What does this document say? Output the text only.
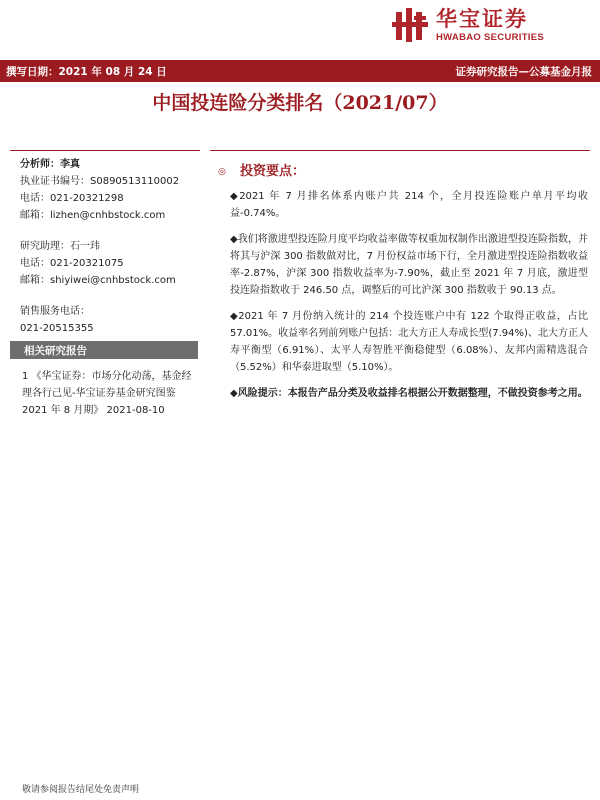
华宝证券
HWABAO SECURITIES
撰写日期：2021 年 08 月 24 日	证券研究报告—公募基金月报
中国投连险分类排名（2021/07）
分析师：李真
执业证书编号：S0890513110002
电话：021-20321298
邮箱：lizhen@cnhbstock.com
研究助理：石一玮
电话：021-20321075
邮箱：shiyiwei@cnhbstock.com
销售服务电话：
021-20515355
相关研究报告
1 《华宝证券：市场分化动荡，基金经理各行己见-华宝证券基金研究图鉴 2021 年 8 月期》 2021-08-10
◎ 投资要点：

◆2021 年 7 月排名体系内账户共 214 个，全月投连险账户单月平均收益-0.74%。

◆我们将激进型投连险月度平均收益率做等权重加权制作出激进型投连险指数，并将其与沪深 300 指数做对比，7 月份权益市场下行，全月激进型投连险指数收益率-2.87%，沪深 300 指数收益率为-7.90%，截止至 2021 年 7 月底，激进型投连险指数收于 246.50 点，调整后的可比沪深 300 指数收于 90.13 点。

◆2021 年 7 月份纳入统计的 214 个投连账户中有 122 个取得正收益，占比 57.01%。收益率名列前列账户包括：北大方正人寿成长型(7.94%)、北大方正人寿平衡型（6.91%）、太平人寿智胜平衡稳健型（6.08%）、友邦内需精选混合（5.52%）和华泰进取型（5.10%）。

◆风险提示：本报告产品分类及收益排名根据公开数据整理，不做投资参考之用。

敬请参阅报告结尾处免责声明
